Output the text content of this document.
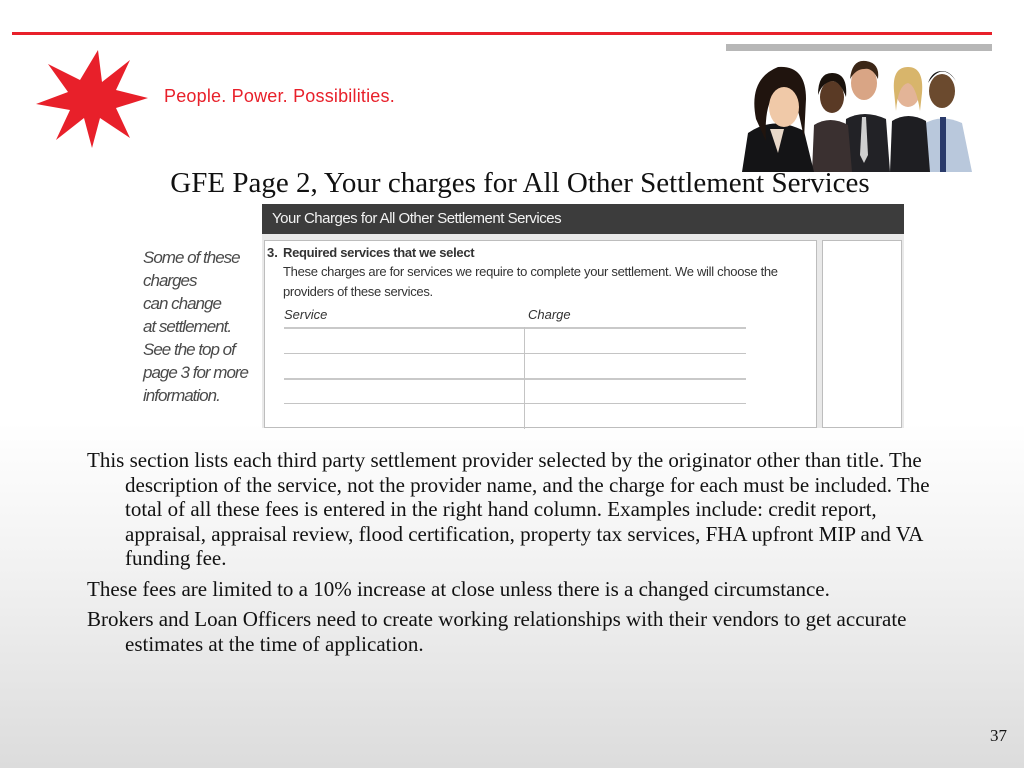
People. Power. Possibilities.
GFE Page 2, Your charges for All Other Settlement Services
Some of these
charges
can change
at settlement.
See the top of
page 3 for more
information.
Your Charges for All Other Settlement Services
3. Required services that we select
These charges are for services we require to complete your settlement. We will choose the providers of these services.
Service	Charge

This section lists each third party settlement provider selected by the originator other than title. The description of the service, not the provider name, and the charge for each must be included. The total of all these fees is entered in the right hand column. Examples include: credit report, appraisal, appraisal review, flood certification, property tax services, FHA upfront MIP and VA funding fee.

These fees are limited to a 10% increase at close unless there is a changed circumstance.

Brokers and Loan Officers need to create working relationships with their vendors to get accurate estimates at the time of application.

37
